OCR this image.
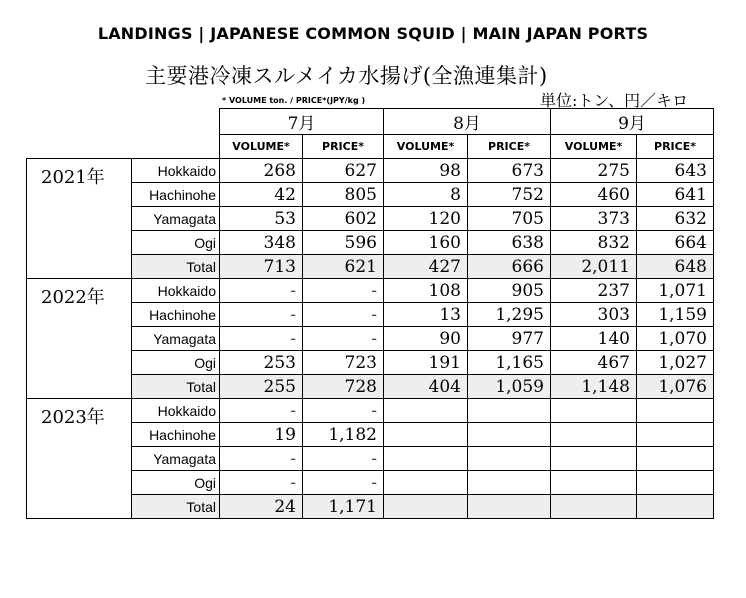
LANDINGS | JAPANESE COMMON SQUID | MAIN JAPAN PORTS
主要港冷凍スルメイカ水揚げ(全漁連集計)
* VOLUME ton. / PRICE*(JPY/kg )	単位:トン、円／キロ
		7月		8月		9月	
		VOLUME*	PRICE*	VOLUME*	PRICE*	VOLUME*	PRICE*
2021年	Hokkaido	268	627	98	673	275	643
	Hachinohe	42	805	8	752	460	641
	Yamagata	53	602	120	705	373	632
	Ogi	348	596	160	638	832	664
	Total	713	621	427	666	2,011	648
2022年	Hokkaido	-	-	108	905	237	1,071
	Hachinohe	-	-	13	1,295	303	1,159
	Yamagata	-	-	90	977	140	1,070
	Ogi	253	723	191	1,165	467	1,027
	Total	255	728	404	1,059	1,148	1,076
2023年	Hokkaido	-	-				
	Hachinohe	19	1,182				
	Yamagata	-	-				
	Ogi	-	-				
	Total	24	1,171				
